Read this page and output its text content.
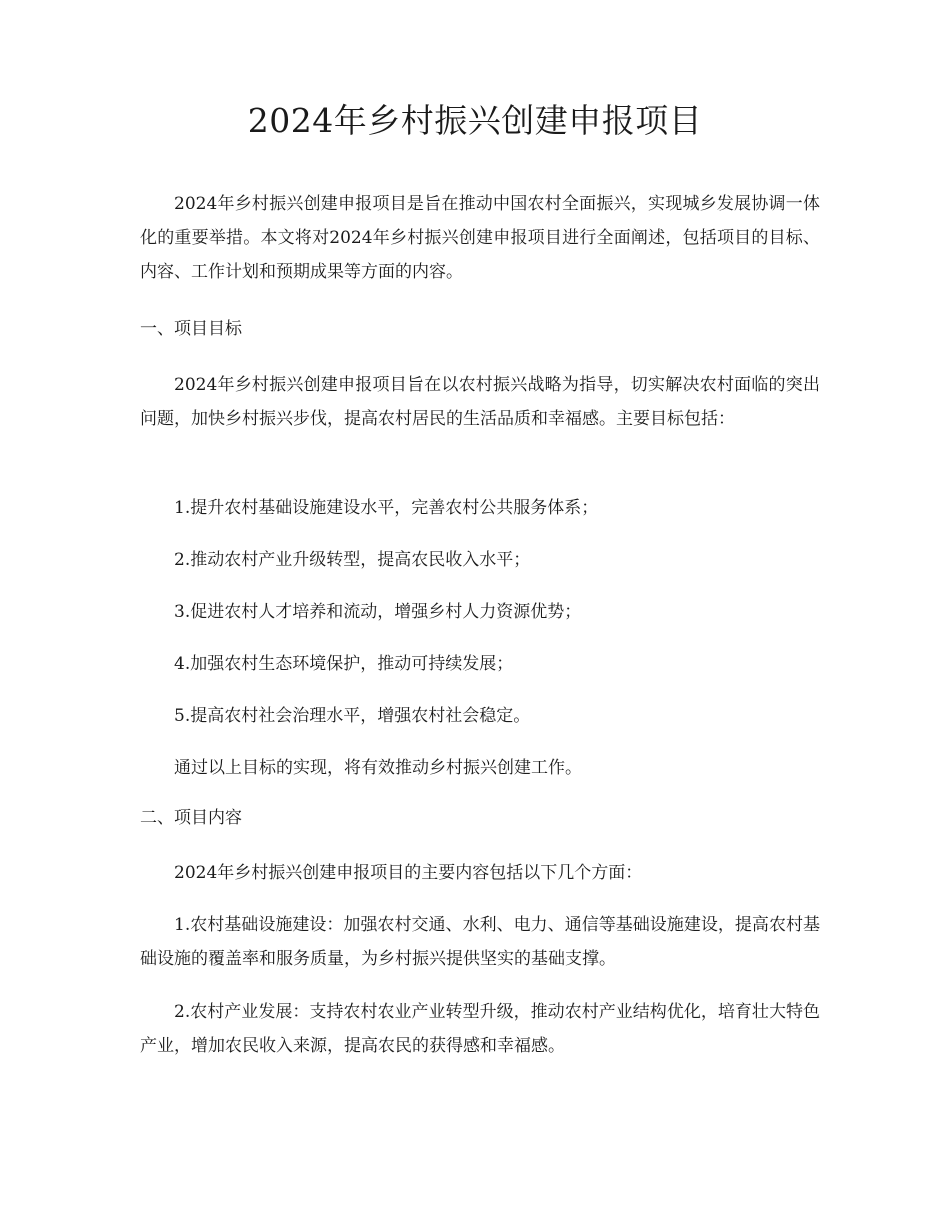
2024年乡村振兴创建申报项目

2024年乡村振兴创建申报项目是旨在推动中国农村全面振兴，实现城乡发展协调一体化的重要举措。本文将对2024年乡村振兴创建申报项目进行全面阐述，包括项目的目标、内容、工作计划和预期成果等方面的内容。

一、项目目标

2024年乡村振兴创建申报项目旨在以农村振兴战略为指导，切实解决农村面临的突出问题，加快乡村振兴步伐，提高农村居民的生活品质和幸福感。主要目标包括：

1.提升农村基础设施建设水平，完善农村公共服务体系；

2.推动农村产业升级转型，提高农民收入水平；

3.促进农村人才培养和流动，增强乡村人力资源优势；

4.加强农村生态环境保护，推动可持续发展；

5.提高农村社会治理水平，增强农村社会稳定。

通过以上目标的实现，将有效推动乡村振兴创建工作。

二、项目内容

2024年乡村振兴创建申报项目的主要内容包括以下几个方面：

1.农村基础设施建设：加强农村交通、水利、电力、通信等基础设施建设，提高农村基础设施的覆盖率和服务质量，为乡村振兴提供坚实的基础支撑。

2.农村产业发展：支持农村农业产业转型升级，推动农村产业结构优化，培育壮大特色产业，增加农民收入来源，提高农民的获得感和幸福感。
